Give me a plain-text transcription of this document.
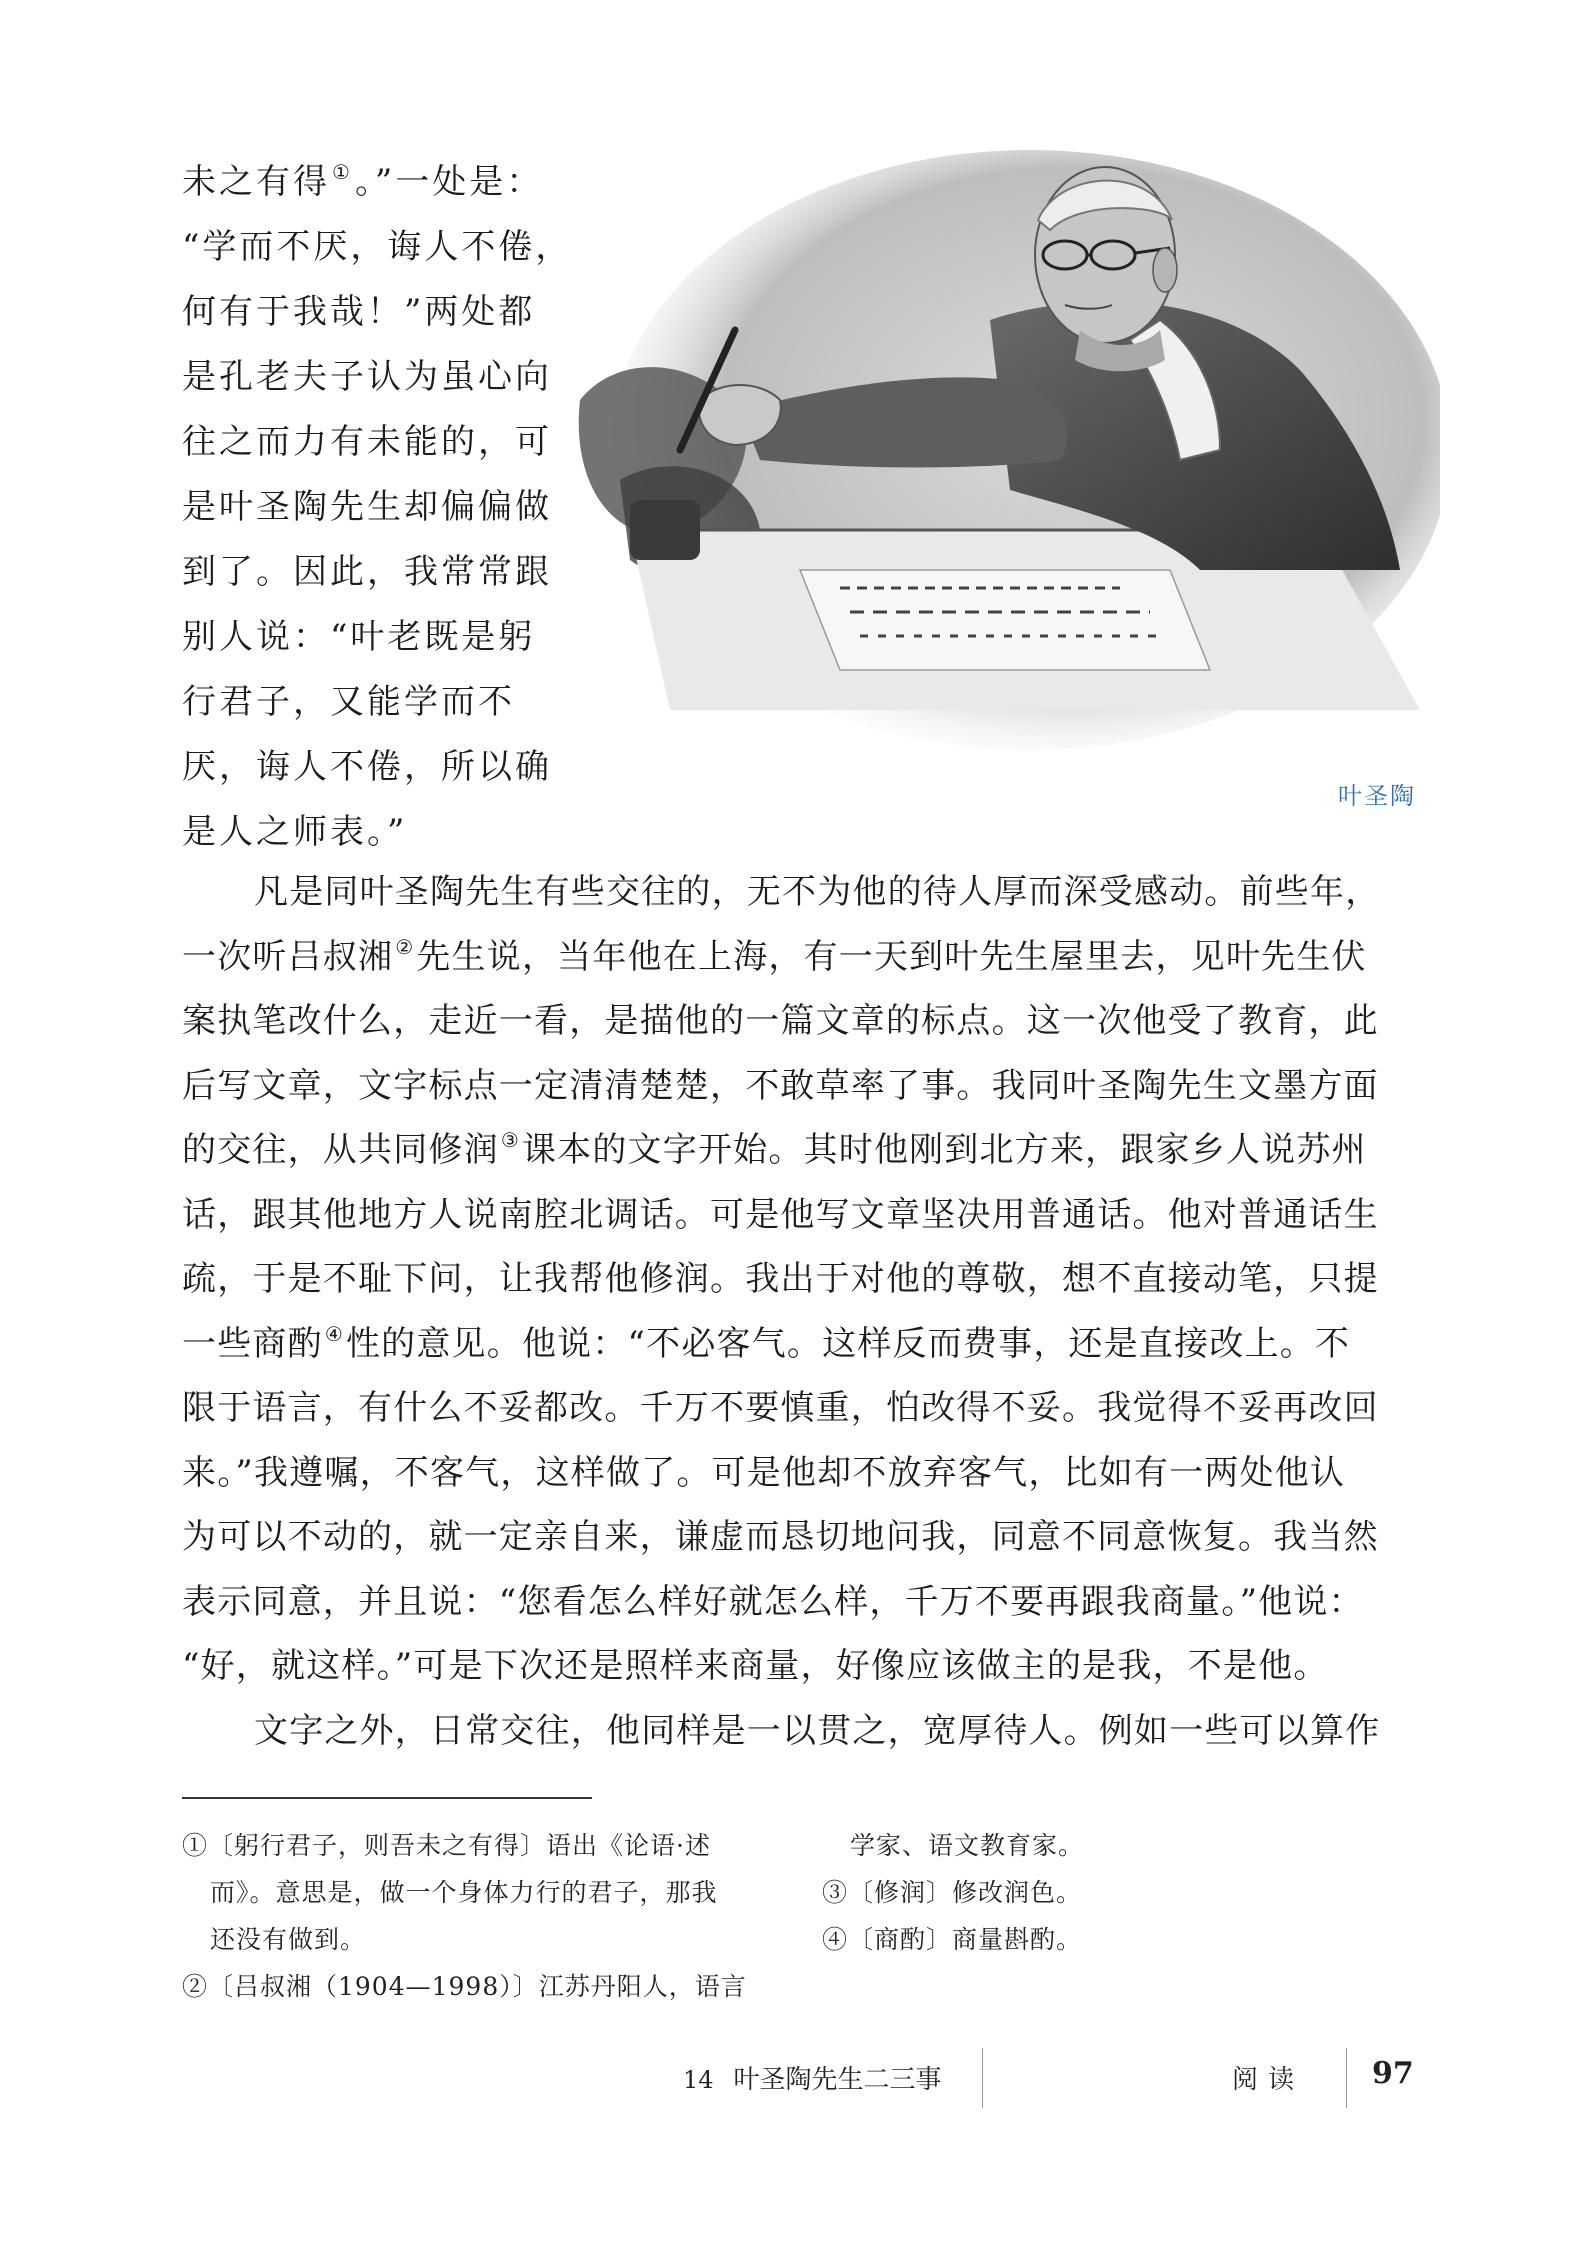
未之有得 ①。”一处是：
“学而不厌，诲人不倦，
何有于我哉！”两处都
是孔老夫子认为虽心向
往之而力有未能的，可
是叶圣陶先生却偏偏做
到了。因此，我常常跟
别人说：“叶老既是躬
行君子，又能学而不
厌，诲人不倦，所以确
是人之师表。”
叶圣陶
凡是同叶圣陶先生有些交往的，无不为他的待人厚而深受感动。前些年，
一次听吕叔湘 ②先生说，当年他在上海，有一天到叶先生屋里去，见叶先生伏
案执笔改什么，走近一看，是描他的一篇文章的标点。这一次他受了教育，此
后写文章，文字标点一定清清楚楚，不敢草率了事。我同叶圣陶先生文墨方面
的交往，从共同修润 ③课本的文字开始。其时他刚到北方来，跟家乡人说苏州
话，跟其他地方人说南腔北调话。可是他写文章坚决用普通话。他对普通话生
疏，于是不耻下问，让我帮他修润。我出于对他的尊敬，想不直接动笔，只提
一些商酌 ④性的意见。他说：“不必客气。这样反而费事，还是直接改上。不
限于语言，有什么不妥都改。千万不要慎重，怕改得不妥。我觉得不妥再改回
来。”我遵嘱，不客气，这样做了。可是他却不放弃客气，比如有一两处他认
为可以不动的，就一定亲自来，谦虚而恳切地问我，同意不同意恢复。我当然
表示同意，并且说：“您看怎么样好就怎么样，千万不要再跟我商量。”他说：
“好，就这样。”可是下次还是照样来商量，好像应该做主的是我，不是他。
文字之外，日常交往，他同样是一以贯之，宽厚待人。例如一些可以算作
①〔躬行君子，则吾未之有得〕语出《论语·述
而》。意思是，做一个身体力行的君子，那我
还没有做到。
②〔吕叔湘（1904—1998）〕江苏丹阳人，语言
学家、语文教育家。
③〔修润〕修改润色。
④〔商酌〕商量斟酌。
14 叶圣陶先生二三事	阅读 97
